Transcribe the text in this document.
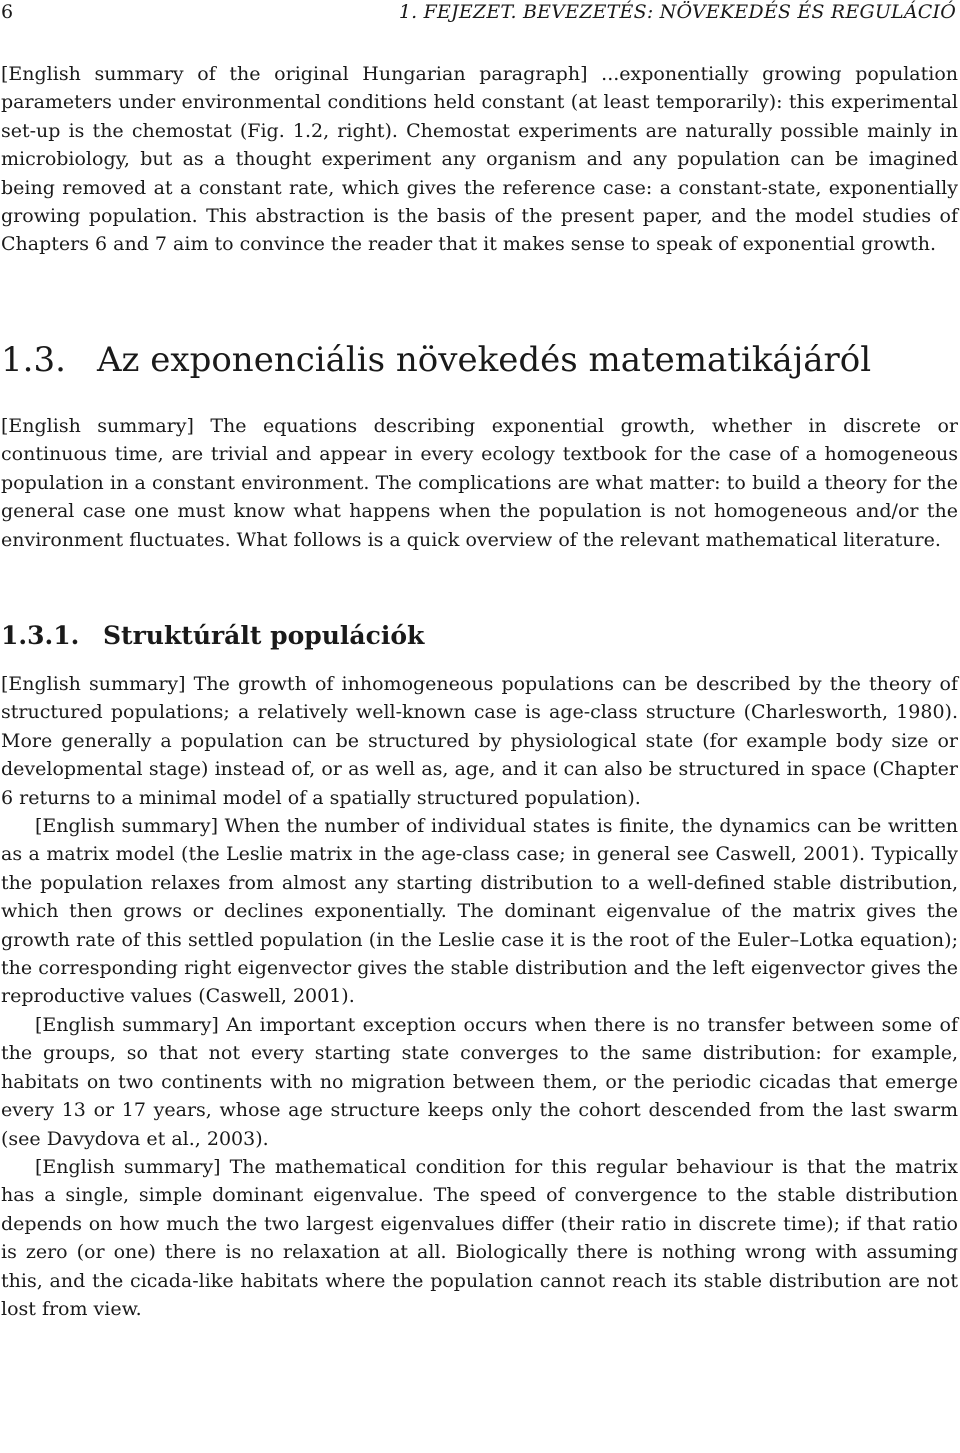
6	1. FEJEZET. BEVEZETÉS: NÖVEKEDÉS ÉS REGULÁCIÓ

[English summary of the original Hungarian paragraph] ...exponentially growing population parameters under environmental conditions held constant (at least temporarily): this experimental set-up is the chemostat (Fig. 1.2, right). Chemostat experiments are naturally possible mainly in microbiology, but as a thought experiment any organism and any population can be imagined being removed at a constant rate, which gives the reference case: a constant-state, exponentially growing population. This abstraction is the basis of the present paper, and the model studies of Chapters 6 and 7 aim to convince the reader that it makes sense to speak of exponential growth.

1.3. Az exponenciális növekedés matematikájáról

[English summary] The equations describing exponential growth, whether in discrete or continuous time, are trivial and appear in every ecology textbook for the case of a homogeneous population in a constant environment. The complications are what matter: to build a theory for the general case one must know what happens when the population is not homogeneous and/or the environment fluctuates. What follows is a quick overview of the relevant mathematical literature.

1.3.1. Struktúrált populációk

[English summary] The growth of inhomogeneous populations can be described by the theory of structured populations; a relatively well-known case is age-class structure (Charlesworth, 1980). More generally a population can be structured by physiological state (for example body size or developmental stage) instead of, or as well as, age, and it can also be structured in space (Chapter 6 returns to a minimal model of a spatially structured population).

[English summary] When the number of individual states is finite, the dynamics can be written as a matrix model (the Leslie matrix in the age-class case; in general see Caswell, 2001). Typically the population relaxes from almost any starting distribution to a well-defined stable distribution, which then grows or declines exponentially. The dominant eigenvalue of the matrix gives the growth rate of this settled population (in the Leslie case it is the root of the Euler–Lotka equation); the corresponding right eigenvector gives the stable distribution and the left eigenvector gives the reproductive values (Caswell, 2001).

[English summary] An important exception occurs when there is no transfer between some of the groups, so that not every starting state converges to the same distribution: for example, habitats on two continents with no migration between them, or the periodic cicadas that emerge every 13 or 17 years, whose age structure keeps only the cohort descended from the last swarm (see Davydova et al., 2003).

[English summary] The mathematical condition for this regular behaviour is that the matrix has a single, simple dominant eigenvalue. The speed of convergence to the stable distribution depends on how much the two largest eigenvalues differ (their ratio in discrete time); if that ratio is zero (or one) there is no relaxation at all. Biologically there is nothing wrong with assuming this, and the cicada-like habitats where the population cannot reach its stable distribution are not lost from view.
